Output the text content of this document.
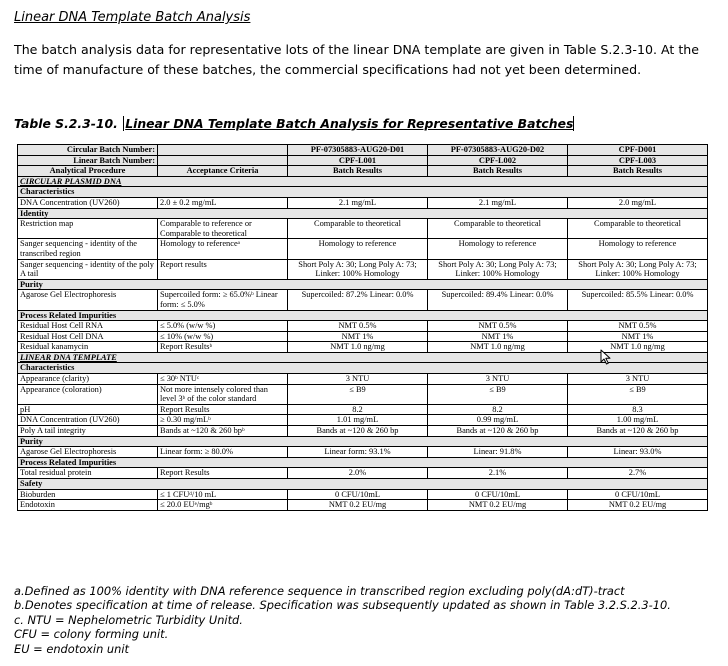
Linear DNA Template Batch Analysis
The batch analysis data for representative lots of the linear DNA template are given in Table S.2.3-10. At the time of manufacture of these batches, the commercial specifications had not yet been determined.
Table S.2.3-10. Linear DNA Template Batch Analysis for Representative Batches
Circular Batch Number:		PF-07305883-AUG20-D01	PF-07305883-AUG20-D02	CPF-D001
Linear Batch Number:		CPF-L001	CPF-L002	CPF-L003
Analytical Procedure	Acceptance Criteria	Batch Results	Batch Results	Batch Results
CIRCULAR PLASMID DNA				
Characteristics				
DNA Concentration (UV260)	2.0 ± 0.2 mg/mL	2.1 mg/mL	2.1 mg/mL	2.0 mg/mL
Identity				
Restriction map	Comparable to reference or Comparable to theoretical	Comparable to theoretical	Comparable to theoretical	Comparable to theoretical
Sanger sequencing - identity of the transcribed region	Homology to referenceᵃ	Homology to reference	Homology to reference	Homology to reference
Sanger sequencing - identity of the poly A tail	Report results	Short Poly A: 30; Long Poly A: 73; Linker: 100% Homology	Short Poly A: 30; Long Poly A: 73; Linker: 100% Homology	Short Poly A: 30; Long Poly A: 73; Linker: 100% Homology
Purity				
Agarose Gel Electrophoresis	Supercoiled form: ≥ 65.0%ᵇ Linear form: ≤ 5.0%	Supercoiled: 87.2% Linear: 0.0%	Supercoiled: 89.4% Linear: 0.0%	Supercoiled: 85.5% Linear: 0.0%
Process Related Impurities				
Residual Host Cell RNA	≤ 5.0% (w/w %)	NMT 0.5%	NMT 0.5%	NMT 0.5%
Residual Host Cell DNA	≤ 10% (w/w %)	NMT 1%	NMT 1%	NMT 1%
Residual kanamycin	Report Resultsᵇ	NMT 1.0 ng/mg	NMT 1.0 ng/mg	NMT 1.0 ng/mg
LINEAR DNA TEMPLATE				
Characteristics				
Appearance (clarity)	≤ 30ᵇ NTUᶜ	3 NTU	3 NTU	3 NTU
Appearance (coloration)	Not more intensely colored than level 3ᵇ of the color standard	≤ B9	≤ B9	≤ B9
pH	Report Results	8.2	8.2	8.3
DNA Concentration (UV260)	≥ 0.30 mg/mLᵇ	1.01 mg/mL	0.99 mg/mL	1.00 mg/mL
Poly A tail integrity	Bands at ~120 & 260 bpᵇ	Bands at ~120 & 260 bp	Bands at ~120 & 260 bp	Bands at ~120 & 260 bp
Purity				
Agarose Gel Electrophoresis	Linear form: ≥ 80.0%	Linear form: 93.1%	Linear: 91.8%	Linear: 93.0%
Process Related Impurities				
Total residual protein	Report Results	2.0%	2.1%	2.7%
Safety				
Bioburden	≤ 1 CFUᵈ/10 mL	0 CFU/10mL	0 CFU/10mL	0 CFU/10mL
Endotoxin	≤ 20.0 EUᵉ/mgᵇ	NMT 0.2 EU/mg	NMT 0.2 EU/mg	NMT 0.2 EU/mg
a.Defined as 100% identity with DNA reference sequence in transcribed region excluding poly(dA:dT)-tract
b.Denotes specification at time of release. Specification was subsequently updated as shown in Table 3.2.S.2.3-10.
c. NTU = Nephelometric Turbidity Unitd.
CFU = colony forming unit.
EU = endotoxin unit
